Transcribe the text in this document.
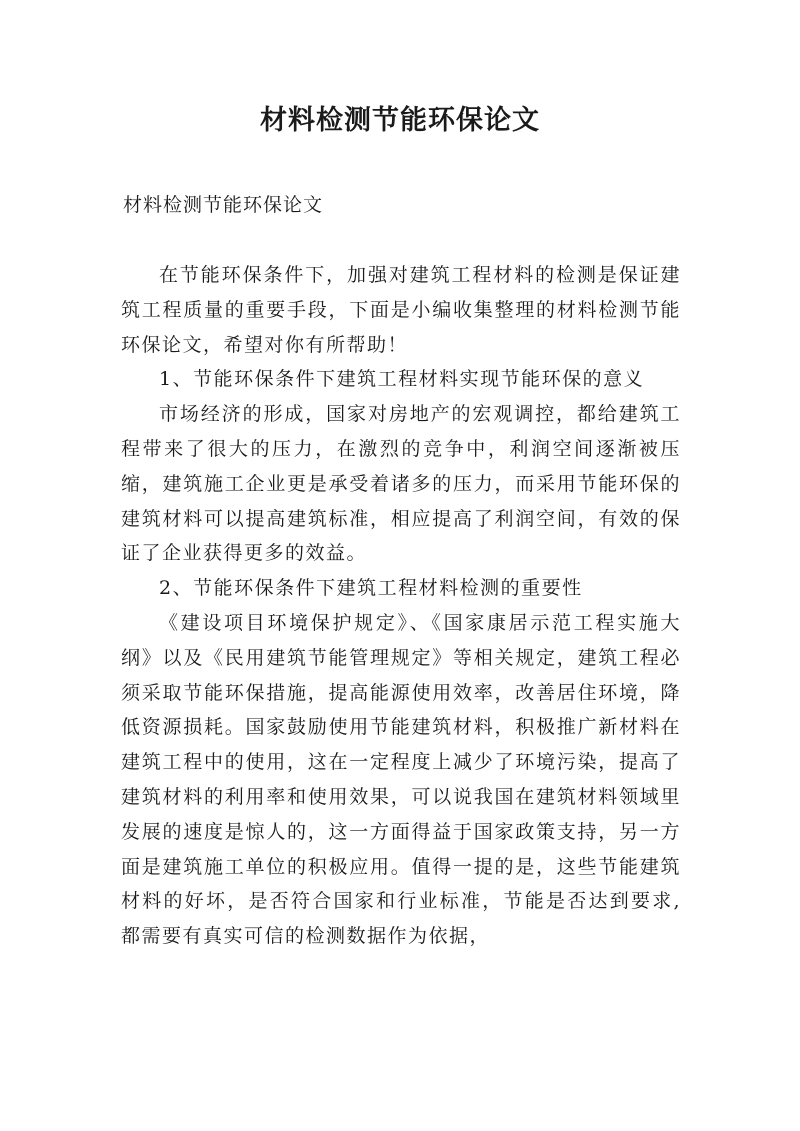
材料检测节能环保论文

材料检测节能环保论文

在节能环保条件下，加强对建筑工程材料的检测是保证建筑工程质量的重要手段，下面是小编收集整理的材料检测节能环保论文，希望对你有所帮助！

1、节能环保条件下建筑工程材料实现节能环保的意义

市场经济的形成，国家对房地产的宏观调控，都给建筑工程带来了很大的压力，在激烈的竞争中，利润空间逐渐被压缩，建筑施工企业更是承受着诸多的压力，而采用节能环保的建筑材料可以提高建筑标准，相应提高了利润空间，有效的保证了企业获得更多的效益。

2、节能环保条件下建筑工程材料检测的重要性

《建设项目环境保护规定》、《国家康居示范工程实施大纲》以及《民用建筑节能管理规定》等相关规定，建筑工程必须采取节能环保措施，提高能源使用效率，改善居住环境，降低资源损耗。国家鼓励使用节能建筑材料，积极推广新材料在建筑工程中的使用，这在一定程度上减少了环境污染，提高了建筑材料的利用率和使用效果，可以说我国在建筑材料领域里发展的速度是惊人的，这一方面得益于国家政策支持，另一方面是建筑施工单位的积极应用。值得一提的是，这些节能建筑材料的好坏，是否符合国家和行业标准，节能是否达到要求,都需要有真实可信的检测数据作为依据，
